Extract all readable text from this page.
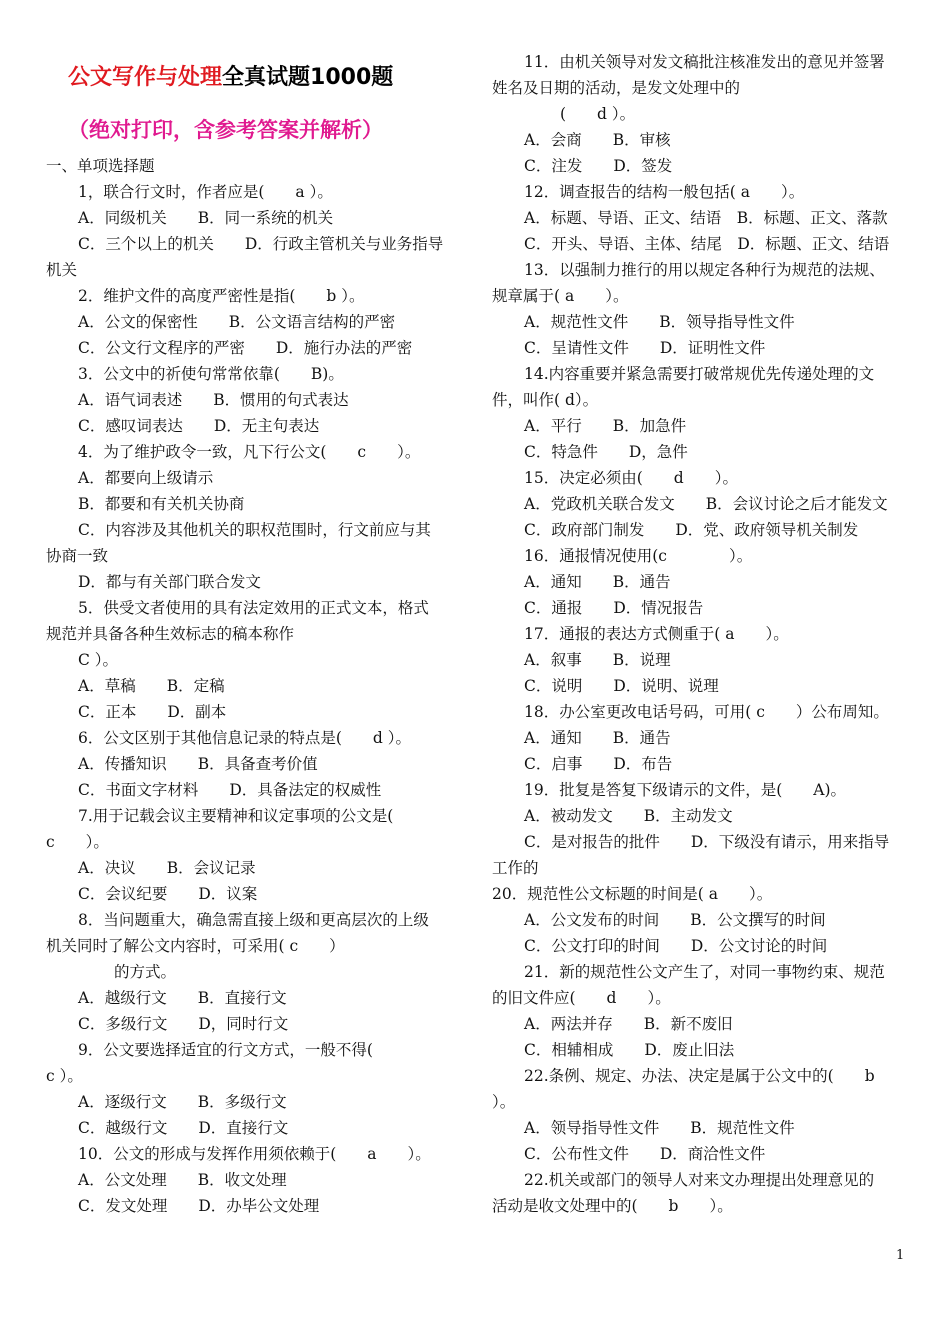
公文写作与处理全真试题1000题
（绝对打印，含参考答案并解析）
一、单项选择题
1，联合行文时，作者应是(　　a ）。
A．同级机关　　B．同一系统的机关
C．三个以上的机关　　D．行政主管机关与业务指导
机关
2．维护文件的高度严密性是指(　　b ）。
A．公文的保密性　　B．公文语言结构的严密
C．公文行文程序的严密　　D．施行办法的严密
3．公文中的祈使句常常依靠(　　B)。
A．语气词表述　　B．惯用的句式表达
C．感叹词表达　　D．无主句表达
4．为了维护政令一致，凡下行公文(　　c　　）。
A．都要向上级请示
B．都要和有关机关协商
C．内容涉及其他机关的职权范围时，行文前应与其
协商一致
D．都与有关部门联合发文
5．供受文者使用的具有法定效用的正式文本，格式
规范并具备各种生效标志的稿本称作
C ）。
A．草稿　　B．定稿
C．正本　　D．副本
6．公文区别于其他信息记录的特点是(　　d ）。
A．传播知识　　B．具备查考价值
C．书面文字材料　　D．具备法定的权威性
7.用于记载会议主要精神和议定事项的公文是(
c　　）。
A．决议　　B．会议记录
C．会议纪要　　D．议案
8．当问题重大，确急需直接上级和更高层次的上级
机关同时了解公文内容时，可采用( c　　）
的方式。
A．越级行文　　B．直接行文
C．多级行文　　D，同时行文
9．公文要选择适宜的行文方式，一般不得(
c ）。
A．逐级行文　　B．多级行文
C．越级行文　　D．直接行文
10．公文的形成与发挥作用须依赖于(　　a　　）。
A．公文处理　　B．收文处理
C．发文处理　　D．办毕公文处理
11．由机关领导对发文稿批注核准发出的意见并签署
姓名及日期的活动，是发文处理中的
(　　d ）。
A．会商　　B．审核
C．注发　　D．签发
12．调查报告的结构一般包括( a　　）。
A．标题、导语、正文、结语　B．标题、正文、落款
C．开头、导语、主体、结尾　D．标题、正文、结语
13．以强制力推行的用以规定各种行为规范的法规、
规章属于( a　　）。
A．规范性文件　　B．领导指导性文件
C．呈请性文件　　D．证明性文件
14.内容重要并紧急需要打破常规优先传递处理的文
件，叫作( d）。
A．平行　　B．加急件
C．特急件　　D，急件
15．决定必须由(　　d　　）。
A．党政机关联合发文　　B．会议讨论之后才能发文
C．政府部门制发　　D．党、政府领导机关制发
16．通报情况使用(c　　　　）。
A．通知　　B．通告
C．通报　　D．情况报告
17．通报的表达方式侧重于( a　　）。
A．叙事　　B．说理
C．说明　　D．说明、说理
18．办公室更改电话号码，可用( c　　）公布周知。
A．通知　　B．通告
C．启事　　D．布告
19．批复是答复下级请示的文件，是(　　A)。
A．被动发文　　B．主动发文
C．是对报告的批件　　D．下级没有请示，用来指导
工作的
20．规范性公文标题的时间是( a　　）。
A．公文发布的时间　　B．公文撰写的时间
C．公文打印的时间　　D．公文讨论的时间
21．新的规范性公文产生了，对同一事物约束、规范
的旧文件应(　　d　　）。
A．两法并存　　B．新不废旧
C．相辅相成　　D．废止旧法
22.条例、规定、办法、决定是属于公文中的(　　b
）。
A．领导指导性文件　　B．规范性文件
C．公布性文件　　D．商洽性文件
22.机关或部门的领导人对来文办理提出处理意见的
活动是收文处理中的(　　b　　）。
1
